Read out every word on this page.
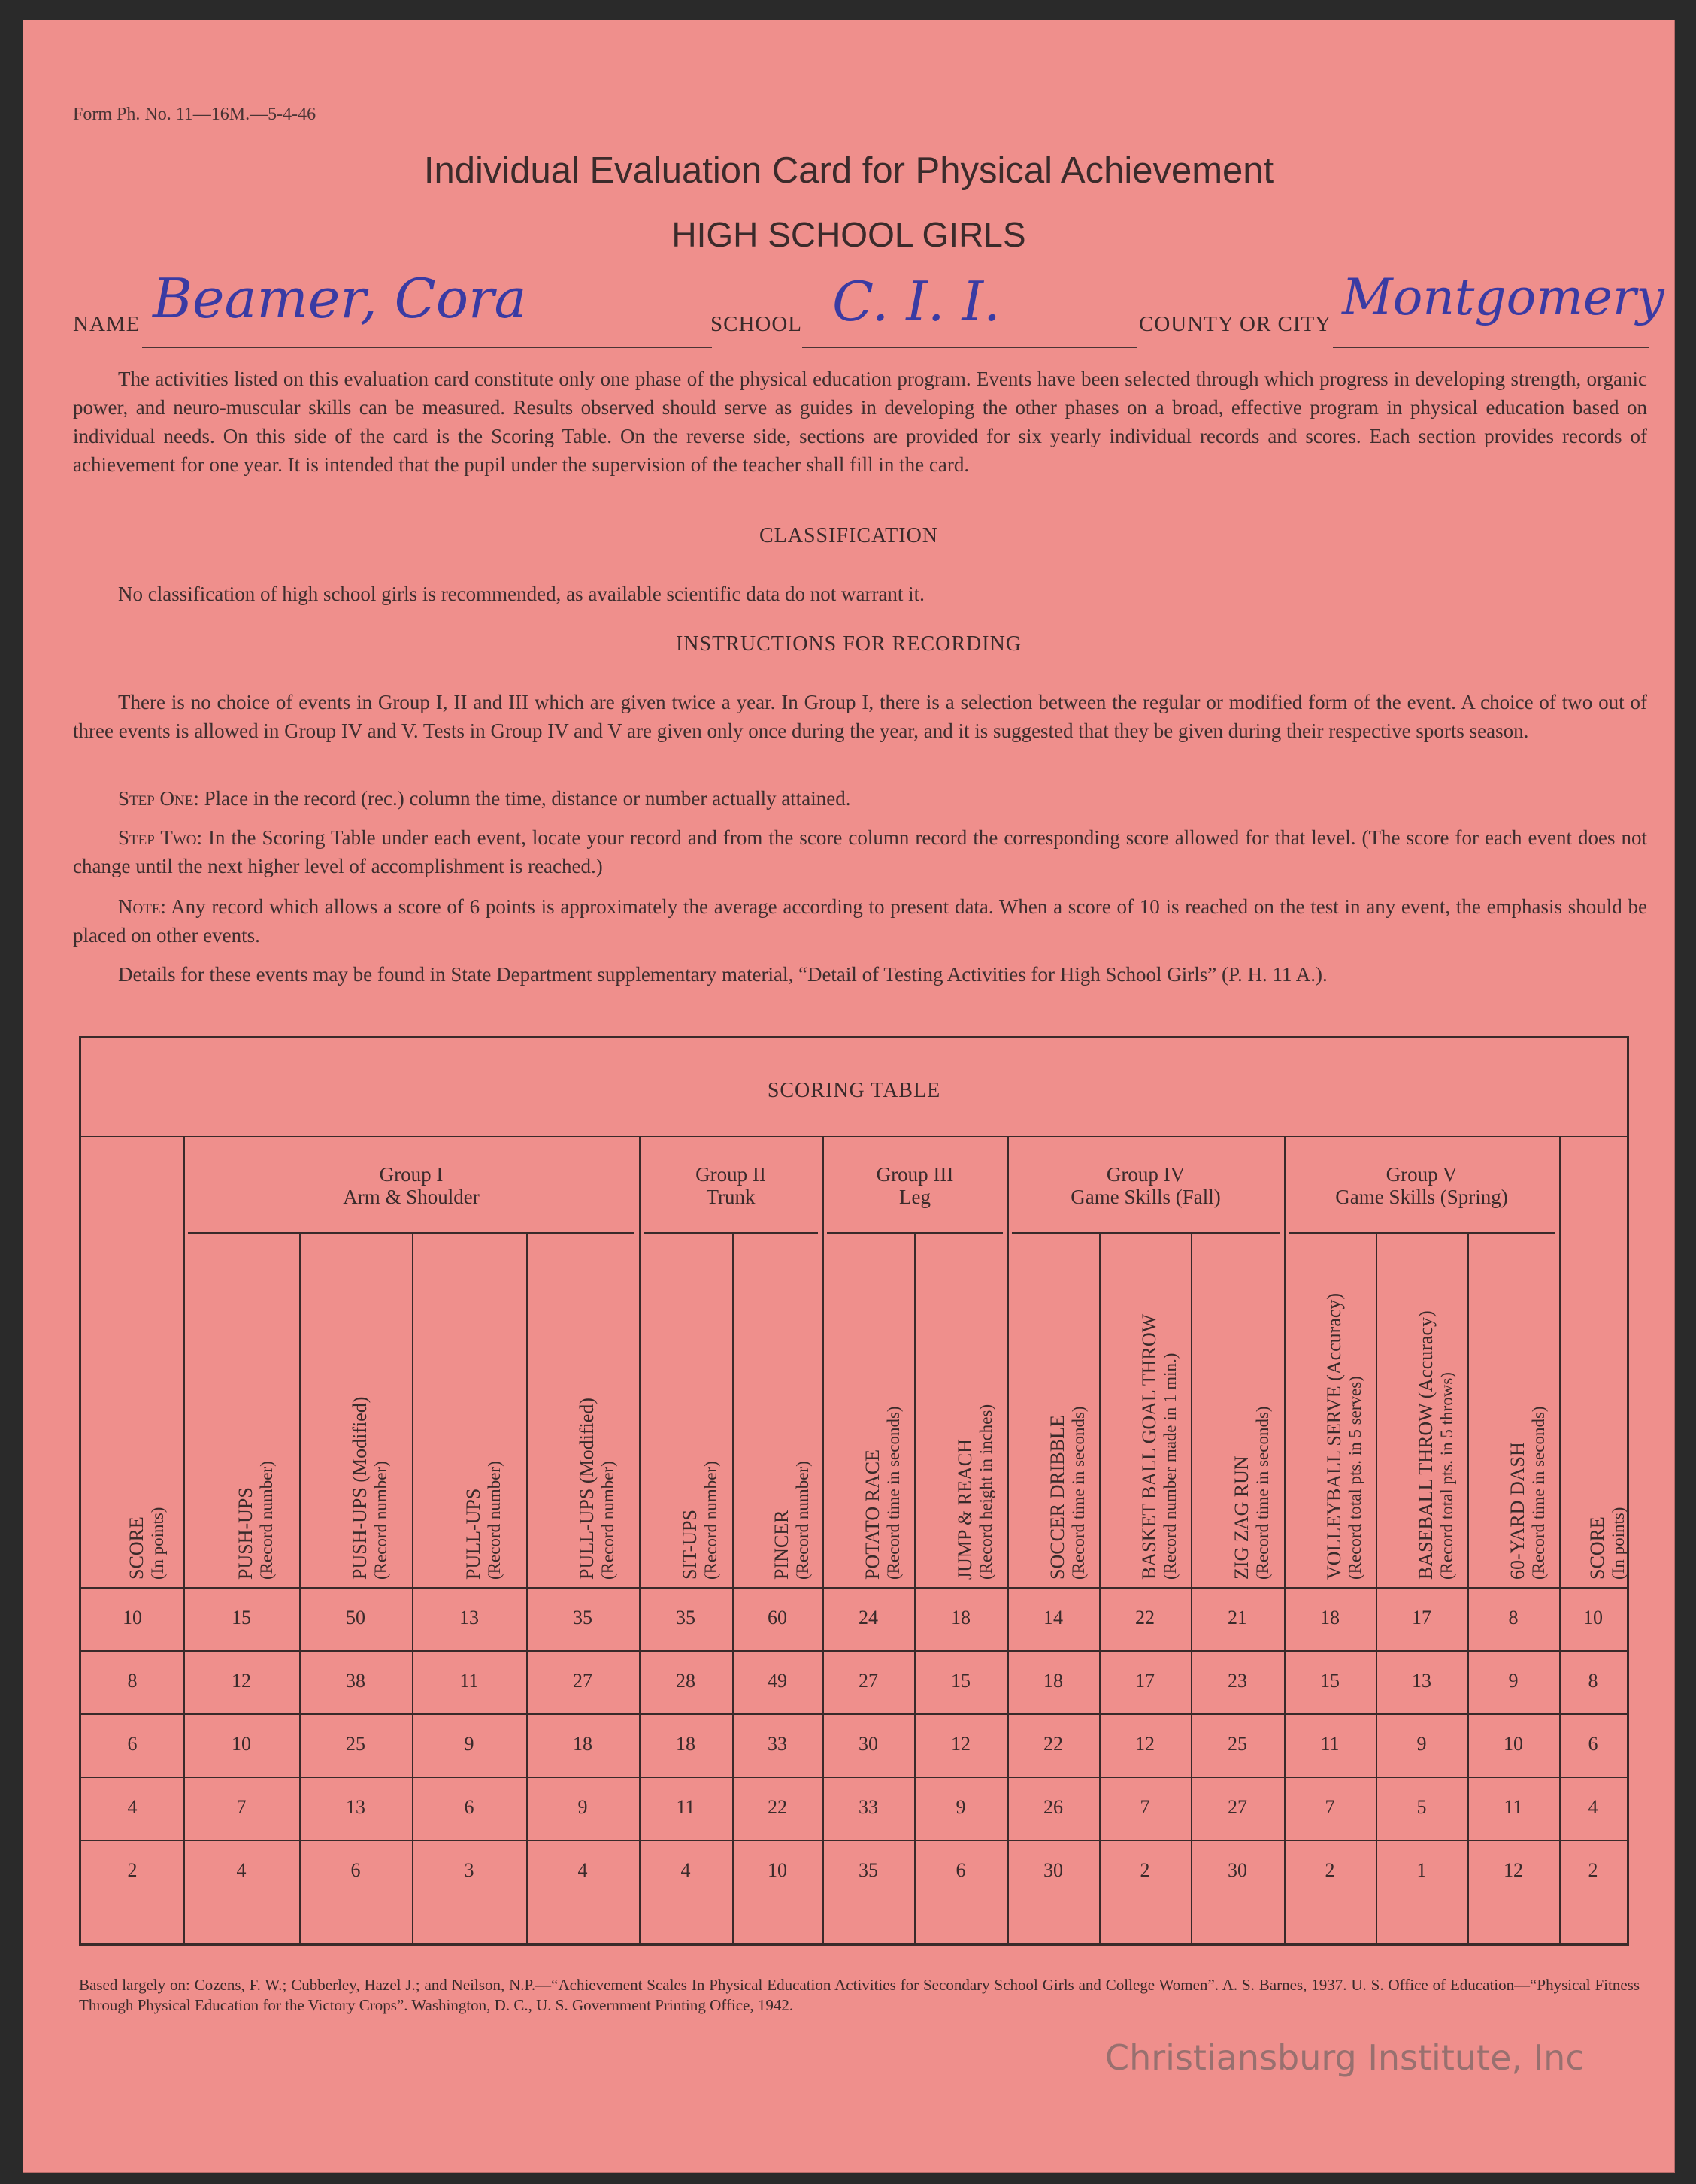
Form Ph. No. 11—16M.—5-4-46
Individual Evaluation Card for Physical Achievement
HIGH SCHOOL GIRLS
NAME Beamer, Cora	SCHOOL C. I. I.	COUNTY OR CITY Montgomery
The activities listed on this evaluation card constitute only one phase of the physical education program. Events have been selected through which progress in developing strength, organic power, and neuro-muscular skills can be measured. Results observed should serve as guides in developing the other phases on a broad, effective program in physical education based on individual needs. On this side of the card is the Scoring Table. On the reverse side, sections are provided for six yearly individual records and scores. Each section provides records of achievement for one year. It is intended that the pupil under the supervision of the teacher shall fill in the card.
CLASSIFICATION
No classification of high school girls is recommended, as available scientific data do not warrant it.
INSTRUCTIONS FOR RECORDING
There is no choice of events in Group I, II and III which are given twice a year. In Group I, there is a selection between the regular or modified form of the event. A choice of two out of three events is allowed in Group IV and V. Tests in Group IV and V are given only once during the year, and it is suggested that they be given during their respective sports season.
Step One: Place in the record (rec.) column the time, distance or number actually attained.
Step Two: In the Scoring Table under each event, locate your record and from the score column record the corresponding score allowed for that level. (The score for each event does not change until the next higher level of accomplishment is reached.)
Note: Any record which allows a score of 6 points is approximately the average according to present data. When a score of 10 is reached on the test in any event, the emphasis should be placed on other events.
Details for these events may be found in State Department supplementary material, “Detail of Testing Activities for High School Girls” (P. H. 11 A.).
SCORING TABLE
Group I
Arm & Shoulder
Group II
Trunk
Group III
Leg
Group IV
Game Skills (Fall)
Group V
Game Skills (Spring)
SCORE (In points)	PUSH-UPS (Record number)	PUSH-UPS (Modified) (Record number)	PULL-UPS (Record number)	PULL-UPS (Modified) (Record number)	SIT-UPS (Record number)	PINCER (Record number)	POTATO RACE (Record time in seconds)	JUMP & REACH (Record height in inches)	SOCCER DRIBBLE (Record time in seconds)	BASKET BALL GOAL THROW (Record number made in 1 min.)	ZIG ZAG RUN (Record time in seconds)	VOLLEYBALL SERVE (Accuracy) (Record total pts. in 5 serves)	BASEBALL THROW (Accuracy) (Record total pts. in 5 throws)	60-YARD DASH (Record time in seconds) SCORE (In points)
10	15	50	13	35	35	60	24	18	14	22	21	18	17	8	10
8	12	38	11	27	28	49	27	15	18	17	23	15	13	9	8
6	10	25	9	18	18	33	30	12	22	12	25	11	9	10	6
4	7	13	6	9	11	22	33	9	26	7	27	7	5	11	4
2	4	6	3	4	4	10	35	6	30	2	30	2	1	12	2
Based largely on: Cozens, F. W.; Cubberley, Hazel J.; and Neilson, N.P.—“Achievement Scales In Physical Education Activities for Secondary School Girls and College Women”. A. S. Barnes, 1937. U. S. Office of Education—“Physical Fitness Through Physical Education for the Victory Crops”. Washington, D. C., U. S. Government Printing Office, 1942.
Christiansburg Institute, Inc
